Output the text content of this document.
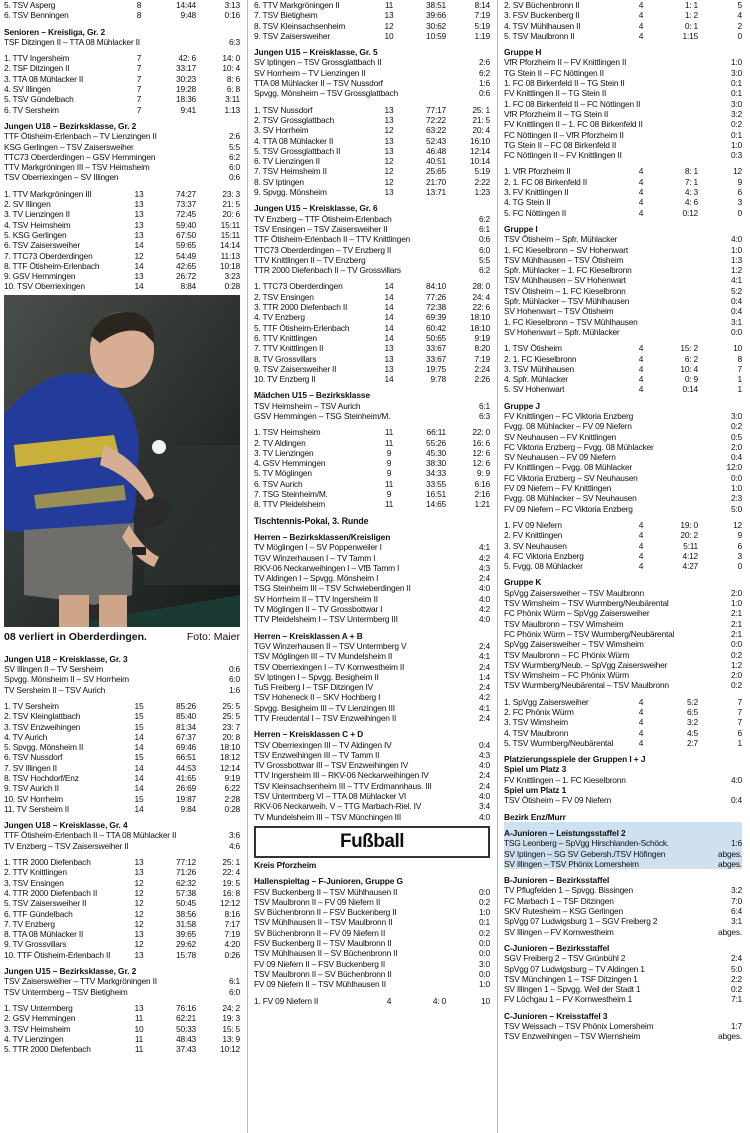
5. TSV Asperg	8	14:44	3:13
6. TSV Benningen	8	9:48	0:16
Senioren – Kreisliga, Gr. 2
TSF Ditzingen II – TTA 08 Mühlacker II	6:3
1. TTV Ingersheim	7	42: 6	14: 0
2. TSF Ditzingen II	7	33:17	10: 4
3. TTA 08 Mühlacker II	7	30:23	8: 6
4. SV Illingen	7	19:28	6: 8
5. TSV Gündelbach	7	18:36	3:11
6. TV Sersheim	7	9:41	1:13
Jungen U18 – Bezirksklasse, Gr. 2
TTF Ötisheim-Erlenbach – TV Lienzingen II	2:6
KSG Gerlingen – TSV Zaisersweiher	5:5
TTC73 Oberderdingen – GSV Hemmingen	6:2
TTV Markgröningen III – TSV Heimsheim	6:0
TSV Oberriexingen – SV Illingen	0:6
1. TTV Markgröningen III	13	74:27	23: 3
2. SV Illingen	13	73:37	21: 5
3. TV Lienzingen II	13	72:45	20: 6
4. TSV Heimsheim	13	59:40	15:11
5. KSG Gerlingen	13	67:50	15:11
6. TSV Zaisersweiher	14	59:65	14:14
7. TTC73 Oberderdingen	12	54:49	11:13
8. TTF Ötisheim-Erlenbach	14	42:65	10:18
9. GSV Hemmingen	13	26:72	3:23
10. TSV Oberriexingen	14	8:84	0:28
08 verliert in Oberderdingen.	Foto: Maier
Jungen U18 – Kreisklasse, Gr. 3
SV Illingen II – TV Sersheim	0:6
Spvgg. Mönsheim II – SV Horrheim	6:0
TV Sersheim II – TSV Aurich	1:6
1. TV Sersheim	15	85:26	25: 5
2. TSV Kleinglattbach	15	85:40	25: 5
3. TSV Enzweihingen	15	81:34	23: 7
4. TV Aurich	14	67:37	20: 8
5. Spvgg. Mönsheim II	14	69:46	18:10
6. TSV Nussdorf	15	66:51	18:12
7. SV Illingen II	14	44:53	12:14
8. TSV Hochdorf/Enz	14	41:65	9:19
9. TSV Aurich II	14	26:69	6:22
10. SV Horrheim	15	19:87	2:28
11. TV Sersheim II	14	9:84	0:28
Jungen U18 – Kreisklasse, Gr. 4
TTF Ötisheim-Erlenbach II – TTA 08 Mühlacker II	3:6
TV Enzberg – TSV Zaisersweiher II	4:6
1. TTR 2000 Diefenbach	13	77:12	25: 1
2. TTV Knittlingen	13	71:26	22: 4
3. TSV Ensingen	12	62:32	19: 5
4. TTR 2000 Diefenbach II	12	57:38	16: 8
5. TSV Zaisersweiher II	12	50:45	12:12
6. TTF Gündelbach	12	38:56	8:16
7. TV Enzberg	12	31:58	7:17
8. TTA 08 Mühlacker II	13	39:65	7:19
9. TV Grossvillars	12	29:62	4:20
10. TTF Ötisheim-Erlenbach II	13	15:78	0:26
Jungen U15 – Bezirksklasse, Gr. 2
TSV Zaisersweiher – TTV Markgröningen II	6:1
TSV Untermberg – TSV Bietigheim	6:0
1. TSV Untermberg	13	76:16	24: 2
2. GSV Hemmingen	11	62:21	19: 3
3. TSV Heimsheim	10	50:33	15: 5
4. TV Lienzingen	11	48:43	13: 9
5. TTR 2000 Diefenbach	11	37:43	10:12
6. TTV Markgröningen II	11	38:51	8:14
7. TSV Bietigheim	13	39:66	7:19
8. TSV Kleinsachsenheim	12	30:62	5:19
9. TSV Zaisersweiher	10	10:59	1:19
Jungen U15 – Kreisklasse, Gr. 5
SV Iptingen – TSV Grossglattbach II	2:6
SV Horrheim – TV Lienzingen II	6:2
TTA 08 Mühlacker II – TSV Nussdorf	1:6
Spvgg. Mönsheim – TSV Grossglattbach	0:6
1. TSV Nussdorf	13	77:17	25: 1
2. TSV Grossglattbach	13	72:22	21: 5
3. SV Horrheim	12	63:22	20: 4
4. TTA 08 Mühlacker II	13	52:43	16:10
5. TSV Grossglattbach II	13	46:48	12:14
6. TV Lienzingen II	12	40:51	10:14
7. TSV Heimsheim II	12	25:65	5:19
8. SV Iptingen	12	21:70	2:22
9. Spvgg. Mönsheim	13	13:71	1:23
Jungen U15 – Kreisklasse, Gr. 6
TV Enzberg – TTF Ötisheim-Erlenbach	6:2
TSV Ensingen – TSV Zaisersweiher II	6:1
TTF Ötisheim-Erlenbach II – TTV Knittlingen	0:6
TTC73 Oberderdingen – TV Enzberg II	6:0
TTV Knittlingen II – TV Enzberg	5:5
TTR 2000 Diefenbach II – TV Grossvillars	6:2
1. TTC73 Oberderdingen	14	84:10	28: 0
2. TSV Ensingen	14	77:26	24: 4
3. TTR 2000 Diefenbach II	14	72:38	22: 6
4. TV Enzberg	14	69:39	18:10
5. TTF Ötisheim-Erlenbach	14	60:42	18:10
6. TTV Knittlingen	14	50:65	9:19
7. TTV Knittlingen II	13	33:67	8:20
8. TV Grossvillars	13	33:67	7:19
9. TSV Zaisersweiher II	13	19:75	2:24
10. TV Enzberg II	14	9:78	2:26
Mädchen U15 – Bezirksklasse
TSV Heimsheim – TSV Aurich	6:1
GSV Hemmingen – TSG Steinheim/M.	6:3
1. TSV Heimsheim	11	66:11	22: 0
2. TV Aldingen	11	55:26	16: 6
3. TV Lienzingen	9	45:30	12: 6
4. GSV Hemmingen	9	38:30	12: 6
5. TV Möglingen	9	34:33	9: 9
6. TSV Aurich	11	33:55	6:16
7. TSG Steinheim/M.	9	16:51	2:16
8. TTV Pleidelsheim	11	14:65	1:21
Tischtennis-Pokal, 3. Runde
Herren – Bezirksklassen/Kreisligen
TV Möglingen I – SV Poppenweiler I	4:1
TGV Winzerhausen I – TV Tamm I	4:2
RKV-06 Neckarweihingen I – VfB Tamm I	4:3
TV Aldingen I – Spvgg. Mönsheim I	2:4
TSG Steinheim III – TSV Schwieberdingen II	4:0
SV Horrheim II – TTV Ingersheim II	4:0
TV Möglingen II – TV Grossbottwar I	4:2
TTV Pleidelsheim I – TSV Untermberg III	4:0
Herren – Kreisklassen A + B
TGV Winzerhausen II – TSV Untermberg V	2:4
TSV Möglingen III – TV Mundelsheim II	4:1
TSV Oberriexingen I – TV Kornwestheim II	2:4
SV Iptingen I – Spvgg. Besigheim II	1:4
TuS Freiberg I – TSF Ditzingen IV	2:4
TSV Hoheneck II – SKV Hochberg I	4:2
Spvgg. Besigheim III – TV Lienzingen III	4:1
TTV Freudental I – TSV Enzweihingen II	2:4
Herren – Kreisklassen C + D
TSV Oberriexingen III – TV Aldingen IV	0:4
TSV Enzweihingen III – TV Tamm II	4:3
TV Grossbottwar III – TSV Enzweihingen IV	4:0
TTV Ingersheim III – RKV-06 Neckarweihingen IV	2:4
TSV Kleinsachsenheim III – TTV Erdmannhaus. III	2:4
TSV Untermberg VI – TTA 08 Mühlacker VI	4:0
RKV-06 Neckarweih. V – TTG Marbach-Riel. IV	3:4
TV Mundelsheim III – TSV Münchingen III	4:0
Fußball
Kreis Pforzheim
Hallenspieltag – F-Junioren, Gruppe G
FSV Buckenberg II – TSV Mühlhausen II	0:0
TSV Maulbronn II – FV 09 Niefern II	0:2
SV Büchenbronn II – FSV Buckenberg II	1:0
TSV Mühlhausen II – TSV Maulbronn II	0:1
SV Büchenbronn II – FV 09 Niefern II	0:2
FSV Buckenberg II – TSV Maulbronn II	0:0
TSV Mühlhausen II – SV Büchenbronn II	0:0
FV 09 Niefern II – FSV Buckenberg II	3:0
TSV Maulbronn II – SV Büchenbronn II	0:0
FV 09 Niefern II – TSV Mühlhausen II	1:0
1. FV 09 Niefern II	4	4: 0	10
2. SV Büchenbronn II	4	1: 1	5
3. FSV Buckenberg II	4	1: 2	4
4. TSV Mühlhausen II	4	0: 1	2
5. TSV Maulbronn II	4	1:15	0
Gruppe H
VfR Pforzheim II – FV Knittlingen II	1:0
TG Stein II – FC Nöttingen II	3:0
1. FC 08 Birkenfeld II – TG Stein II	0:1
FV Knittlingen II – TG Stein II	0:1
1. FC 08 Birkenfeld II – FC Nöttingen II	3:0
VfR Pforzheim II – TG Stein II	3:2
FV Knittlingen II – 1. FC 08 Birkenfeld II	0:2
FC Nöttingen II – VfR Pforzheim II	0:1
TG Stein II – FC 08 Birkenfeld II	1:0
FC Nöttingen II – FV Knittlingen II	0:3
1. VfR Pforzheim II	4	8: 1	12
2. 1. FC 08 Birkenfeld II	4	7: 1	9
3. FV Knittlingen II	4	4: 3	6
4. TG Stein II	4	4: 6	3
5. FC Nöttingen II	4	0:12	0
Gruppe I
TSV Ötisheim – Spfr. Mühlacker	4:0
1. FC Kieselbronn – SV Hohenwart	1:0
TSV Mühlhausen – TSV Ötisheim	1:3
Spfr. Mühlacker – 1. FC Kieselbronn	1:2
TSV Mühlhausen – SV Hohenwart	4:1
TSV Ötisheim – 1. FC Kieselbronn	5:2
Spfr. Mühlacker – TSV Mühlhausen	0:4
SV Hohenwart – TSV Ötisheim	0:4
1. FC Kieselbronn – TSV Mühlhausen	3:1
SV Hohenwart – Spfr. Mühlacker	0:0
1. TSV Ötisheim	4	15: 2	10
2. 1. FC Kieselbronn	4	6: 2	8
3. TSV Mühlhausen	4	10: 4	7
4. Spfr. Mühlacker	4	0: 9	1
5. SV Hohenwart	4	0:14	1
Gruppe J
FV Knittlingen – FC Viktoria Enzberg	3:0
Fvgg. 08 Mühlacker – FV 09 Niefern	0:2
SV Neuhausen – FV Knittlingen	0:5
FC Viktoria Enzberg – Fvgg. 08 Mühlacker	2:0
SV Neuhausen – FV 09 Niefern	0:4
FV Knittlingen – Fvgg. 08 Mühlacker	12:0
FC Viktoria Enzberg – SV Neuhausen	0:0
FV 09 Niefern – FV Knittlingen	1:0
Fvgg. 08 Mühlacker – SV Neuhausen	2:3
FV 09 Niefern – FC Viktoria Enzberg	5:0
1. FV 09 Niefern	4	19: 0	12
2. FV Knittlingen	4	20: 2	9
3. SV Neuhausen	4	5:11	6
4. FC Viktoria Enzberg	4	4:12	3
5. Fvgg. 08 Mühlacker	4	4:27	0
Gruppe K
SpVgg Zaisersweiher – TSV Maulbronn	2:0
TSV Wimsheim – TSV Wurmberg/Neubärental	1:0
FC Phönix Würm – SpVgg Zaisersweiher	2:1
TSV Maulbronn – TSV Wimsheim	2:1
FC Phönix Würm – TSV Wurmberg/Neubärental	2:1
SpVgg Zaisersweiher – TSV Wimsheim	0:0
TSV Maulbronn – FC Phönix Würm	0:2
TSV Wurmberg/Neub. – SpVgg Zaisersweiher	1:2
TSV Wimsheim – FC Phönix Würm	2:0
TSV Wurmberg/Neubärental – TSV Maulbronn	0:2
1. SpVgg Zaisersweiher	4	5:2	7
2. FC Phönix Würm	4	6:5	7
3. TSV Wimsheim	4	3:2	7
4. TSV Maulbronn	4	4:5	6
5. TSV Wurmberg/Neubärental	4	2:7	1
Platzierungsspiele der Gruppen I + J
Spiel um Platz 3
FV Knittlingen – 1. FC Kieselbronn	4:0
Spiel um Platz 1
TSV Ötisheim – FV 09 Niefern	0:4
Bezirk Enz/Murr
A-Junioren – Leistungsstaffel 2
TSG Leonberg – SpVgg Hirschlanden-Schöck.	1:6
SV Iptingen – SG SV Gebersh./TSV Höfingen	abges.
SV Illingen – TSV Phönix Lomersheim	abges.
B-Junioren – Bezirksstaffel
TV Pflugfelden 1 – Spvgg. Bissingen	3:2
FC Marbach 1 – TSF Ditzingen	7:0
SKV Rutesheim – KSG Gerlingen	6:4
SpVgg 07 Ludwigsburg 1 – SGV Freiberg 2	3:1
SV Illingen – FV Kornwestheim	abges.
C-Junioren – Bezirksstaffel
SGV Freiberg 2 – TSV Grünbühl 2	2:4
SpVgg 07 Ludwigsburg – TV Aldingen 1	5:0
TSV Münchingen 1 – TSF Ditzingen 1	2:2
SV Illingen 1 – Spvgg. Weil der Stadt 1	0:2
FV Löchgau 1 – FV Kornwestheim 1	7:1
C-Junioren – Kreisstaffel 3
TSV Weissach – TSV Phönix Lomersheim	1:7
TSV Enzweihingen – TSV Wiernsheim	abges.
